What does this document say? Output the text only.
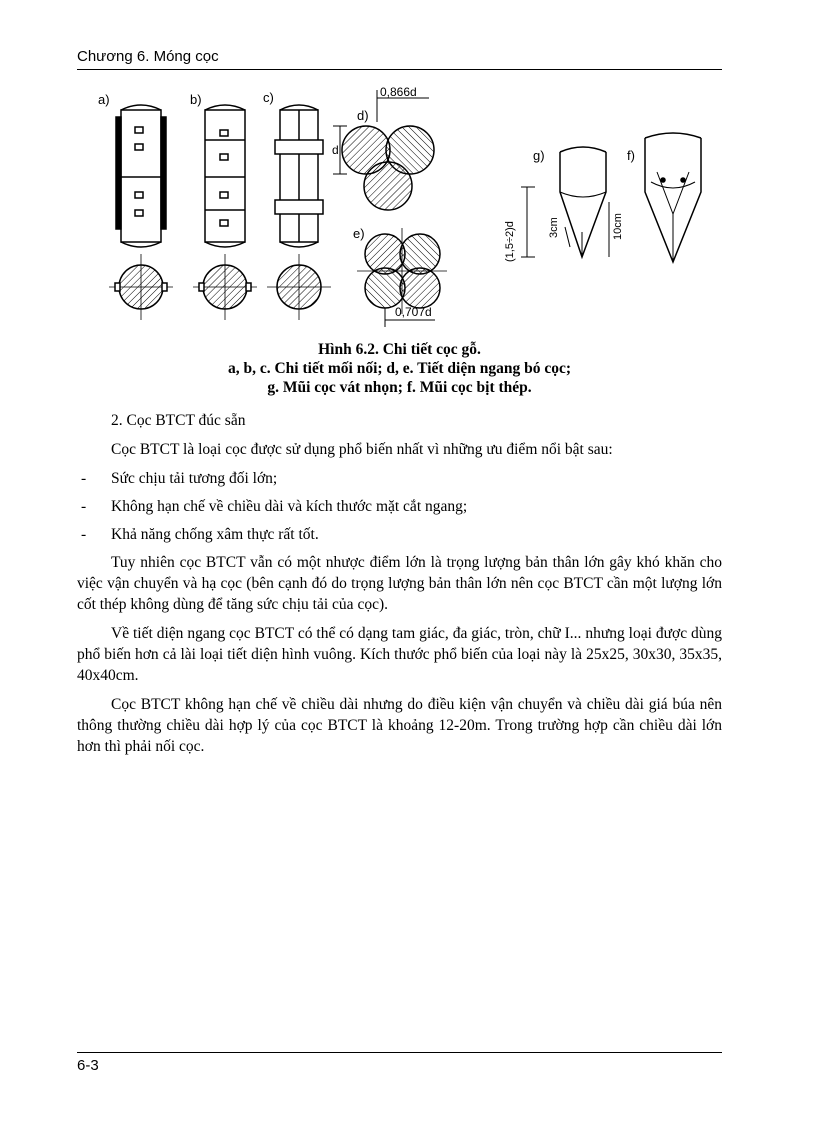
Chương 6. Móng cọc
a)	b)	c)
d)
0,866d
d
e)
0,707d
g)
(1,5÷2)d	3cm	10cm
f)
Hình 6.2. Chi tiết cọc gỗ.
a, b, c. Chi tiết mối nối; d, e. Tiết diện ngang bó cọc;
g. Mũi cọc vát nhọn; f. Mũi cọc bịt thép.

2. Cọc BTCT đúc sẵn

Cọc BTCT là loại cọc được sử dụng phổ biến nhất vì những ưu điểm nổi bật sau:

-	Sức chịu tải tương đối lớn;
-	Không hạn chế về chiều dài và kích thước mặt cắt ngang;
-	Khả năng chống xâm thực rất tốt.

Tuy nhiên cọc BTCT vẫn có một nhược điểm lớn là trọng lượng bản thân lớn gây khó khăn cho việc vận chuyển và hạ cọc (bên cạnh đó do trọng lượng bản thân lớn nên cọc BTCT cần một lượng lớn cốt thép không dùng để tăng sức chịu tải của cọc).

Về tiết diện ngang cọc BTCT có thể có dạng tam giác, đa giác, tròn, chữ I... nhưng loại được dùng phổ biến hơn cả lài loại tiết diện hình vuông. Kích thước phổ biến của loại này là 25x25, 30x30, 35x35, 40x40cm.

Cọc BTCT không hạn chế về chiều dài nhưng do điều kiện vận chuyển và chiều dài giá búa nên thông thường chiều dài hợp lý của cọc BTCT là khoảng 12-20m. Trong trường hợp cần chiều dài lớn hơn thì phải nối cọc.

6-3
